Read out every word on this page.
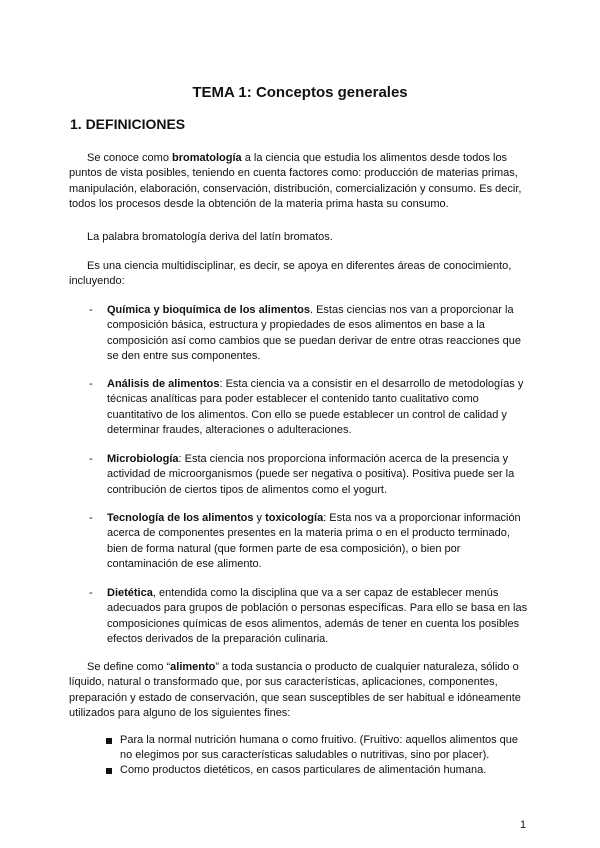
TEMA 1: Conceptos generales
1. DEFINICIONES

Se conoce como bromatología a la ciencia que estudia los alimentos desde todos los puntos de vista posibles, teniendo en cuenta factores como: producción de materias primas, manipulación, elaboración, conservación, distribución, comercialización y consumo. Es decir, todos los procesos desde la obtención de la materia prima hasta su consumo.

La palabra bromatología deriva del latín bromatos.

Es una ciencia multidisciplinar, es decir, se apoya en diferentes áreas de conocimiento, incluyendo:

- Química y bioquímica de los alimentos. Estas ciencias nos van a proporcionar la composición básica, estructura y propiedades de esos alimentos en base a la composición así como cambios que se puedan derivar de entre otras reacciones que se den entre sus componentes.

- Análisis de alimentos: Esta ciencia va a consistir en el desarrollo de metodologías y técnicas analíticas para poder establecer el contenido tanto cualitativo como cuantitativo de los alimentos. Con ello se puede establecer un control de calidad y determinar fraudes, alteraciones o adulteraciones.

- Microbiología: Esta ciencia nos proporciona información acerca de la presencia y actividad de microorganismos (puede ser negativa o positiva). Positiva puede ser la contribución de ciertos tipos de alimentos como el yogurt.

- Tecnología de los alimentos y toxicología: Esta nos va a proporcionar información acerca de componentes presentes en la materia prima o en el producto terminado, bien de forma natural (que formen parte de esa composición), o bien por contaminación de ese alimento.

- Dietética, entendida como la disciplina que va a ser capaz de establecer menús adecuados para grupos de población o personas específicas. Para ello se basa en las composiciones químicas de esos alimentos, además de tener en cuenta los posibles efectos derivados de la preparación culinaria.

Se define como “alimento” a toda sustancia o producto de cualquier naturaleza, sólido o líquido, natural o transformado que, por sus características, aplicaciones, componentes, preparación y estado de conservación, que sean susceptibles de ser habitual e idóneamente utilizados para alguno de los siguientes fines:

Para la normal nutrición humana o como fruitivo. (Fruitivo: aquellos alimentos que no elegimos por sus características saludables o nutritivas, sino por placer).

Como productos dietéticos, en casos particulares de alimentación humana.

1
